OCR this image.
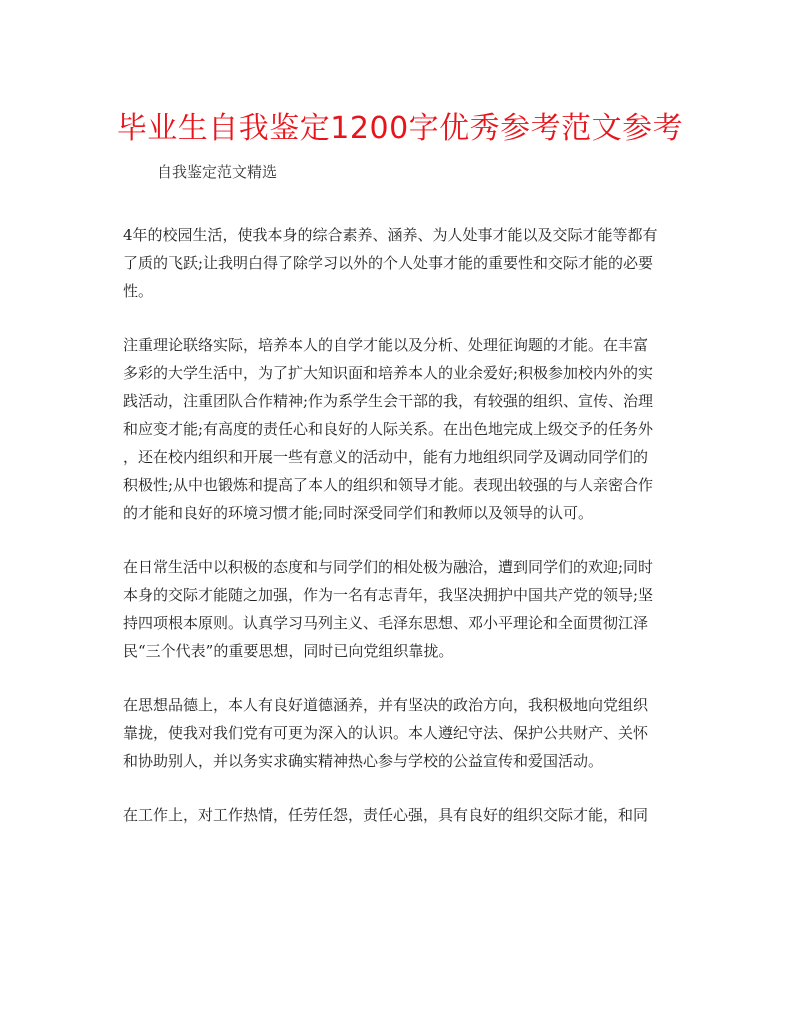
毕业生自我鉴定1200字优秀参考范文参考
自我鉴定范文精选

4年的校园生活，使我本身的综合素养、涵养、为人处事才能以及交际才能等都有
了质的飞跃;让我明白得了除学习以外的个人处事才能的重要性和交际才能的必要
性。

注重理论联络实际，培养本人的自学才能以及分析、处理征询题的才能。在丰富
多彩的大学生活中，为了扩大知识面和培养本人的业余爱好;积极参加校内外的实
践活动，注重团队合作精神;作为系学生会干部的我，有较强的组织、宣传、治理
和应变才能;有高度的责任心和良好的人际关系。在出色地完成上级交予的任务外
，还在校内组织和开展一些有意义的活动中，能有力地组织同学及调动同学们的
积极性;从中也锻炼和提高了本人的组织和领导才能。表现出较强的与人亲密合作
的才能和良好的环境习惯才能;同时深受同学们和教师以及领导的认可。

在日常生活中以积极的态度和与同学们的相处极为融洽，遭到同学们的欢迎;同时
本身的交际才能随之加强，作为一名有志青年，我坚决拥护中国共产党的领导;坚
持四项根本原则。认真学习马列主义、毛泽东思想、邓小平理论和全面贯彻江泽
民“三个代表”的重要思想，同时已向党组织靠拢。

在思想品德上，本人有良好道德涵养，并有坚决的政治方向，我积极地向党组织
靠拢，使我对我们党有可更为深入的认识。本人遵纪守法、保护公共财产、关怀
和协助别人，并以务实求确实精神热心参与学校的公益宣传和爱国活动。

在工作上，对工作热情，任劳任怨，责任心强，具有良好的组织交际才能，和同
